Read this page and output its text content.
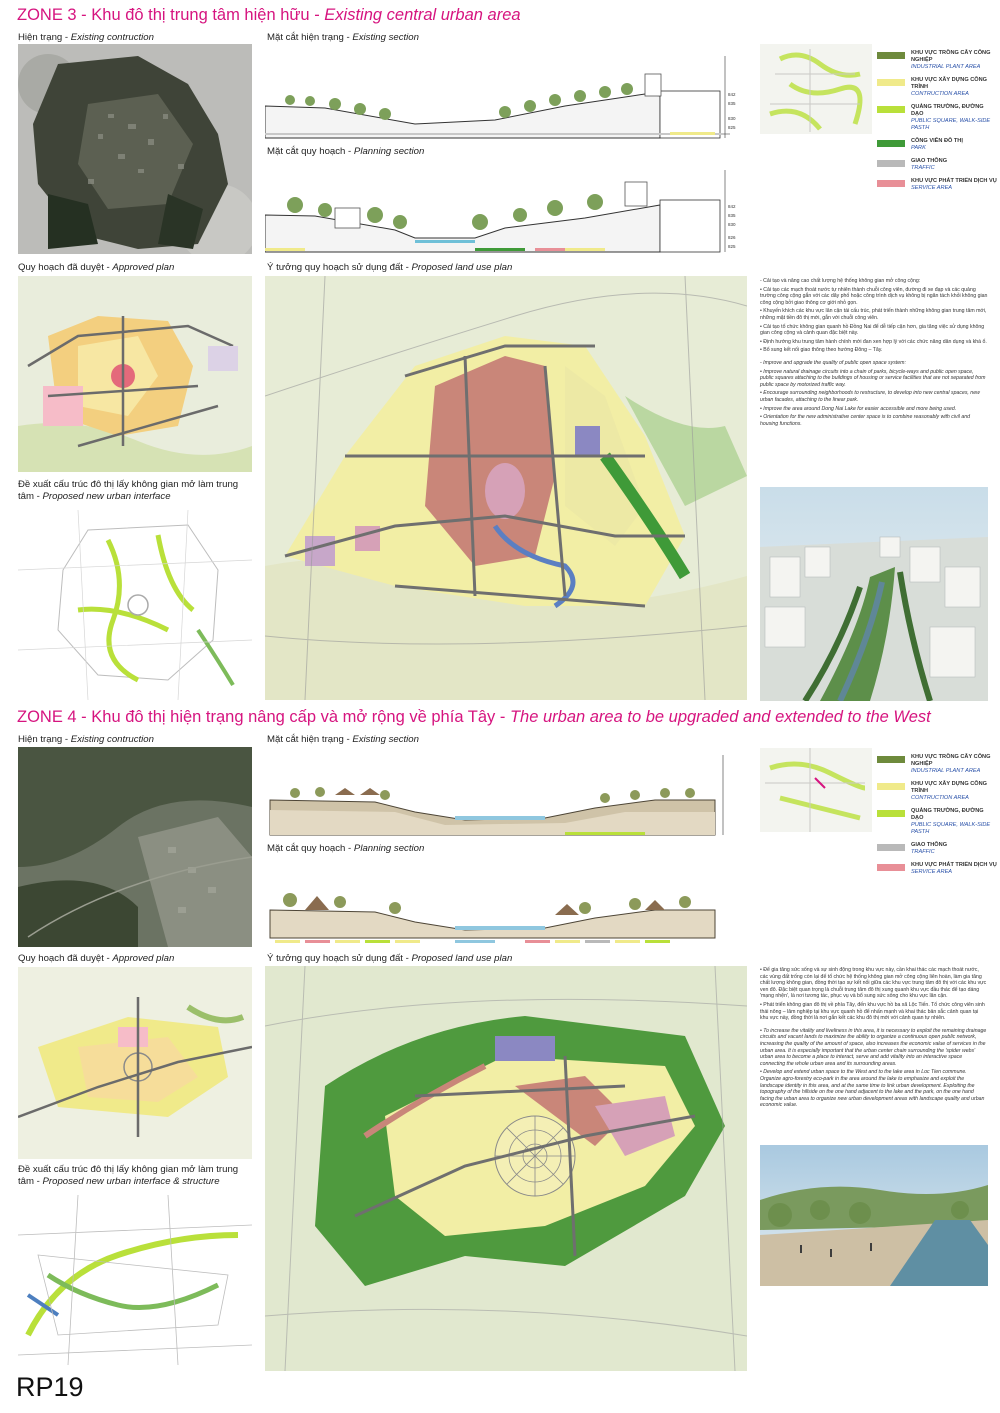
ZONE 3 - Khu đô thị trung tâm hiện hữu - Existing central urban area
Hiện trạng - Existing contruction	Mặt cắt hiện trạng - Existing section
Mặt cắt quy hoạch - Planning section
Quy hoạch đã duyệt - Approved plan	Ý tưởng quy hoạch sử dụng đất - Proposed land use plan
Đề xuất cấu trúc đô thị lấy không gian mở làm trung tâm - Proposed new urban interface
842
835
830
825
842
835
830
826
825
KHU VỰC TRỒNG CÂY CÔNG NGHIỆP
INDUSTRIAL PLANT AREA
KHU VỰC XÂY DỰNG CÔNG TRÌNH
CONTRUCTION AREA
QUẢNG TRƯỜNG, ĐƯỜNG DẠO
PUBLIC SQUARE, WALK-SIDE PASTH
CÔNG VIÊN ĐÔ THỊ
PARK
GIAO THÔNG
TRAFFIC
KHU VỰC PHÁT TRIỂN DỊCH VỤ
SERVICE AREA

- Cải tạo và nâng cao chất lượng hệ thống không gian mở công cộng:

• Cải tạo các mạch thoát nước tự nhiên thành chuỗi công viên, đường đi xe đạp và các quảng trường công cộng gắn với các dãy phố hoặc công trình dịch vụ không bị ngăn tách khỏi không gian công cộng bởi giao thông cơ giới nhỏ gọn.

• Khuyến khích các khu vực lân cận tái cấu trúc, phát triển thành những không gian trung tâm mới, những mặt tiền đô thị mới, gắn với chuỗi công viên.

• Cải tạo tổ chức không gian quanh hồ Đồng Nai để dễ tiếp cận hơn, gia tăng việc sử dụng không gian công cộng và cảnh quan đặc biệt này.

• Định hướng khu trung tâm hành chính mới đan xen hợp lý với các chức năng dân dụng và khá ổ.

• Bổ sung kết nối giao thông theo hướng Đông – Tây.

- Improve and upgrade the quality of public open space system:

• Improve natural drainage circuits into a chain of parks, bicycle-ways and public open space, public squares attaching to the buildings of housing or service facilities that are not separated from public space by motorized traffic way.

• Encourage surrounding neighborhoods to restructure, to develop into new central spaces, new urban facades, attaching to the linear park.

• Improve the area around Dong Nai Lake for easier accessible and more being used.

• Orientation for the new administrative center space is to combine reasonably with civil and housing functions.

ZONE 4 - Khu đô thị hiện trạng nâng cấp và mở rộng về phía Tây - The urban area to be upgraded and extended to the West
Hiện trạng - Existing contruction	Mặt cắt hiện trạng - Existing section
Mặt cắt quy hoạch - Planning section
Quy hoạch đã duyệt - Approved plan	Ý tưởng quy hoạch sử dụng đất - Proposed land use plan
Đề xuất cấu trúc đô thị lấy không gian mở làm trung tâm - Proposed new urban interface & structure
KHU VỰC TRỒNG CÂY CÔNG NGHIỆP
INDUSTRIAL PLANT AREA
KHU VỰC XÂY DỰNG CÔNG TRÌNH
CONTRUCTION AREA
QUẢNG TRƯỜNG, ĐƯỜNG DẠO
PUBLIC SQUARE, WALK-SIDE PASTH
GIAO THÔNG
TRAFFIC
KHU VỰC PHÁT TRIỂN DỊCH VỤ
SERVICE AREA

• Để gia tăng sức sống và sự sinh động trong khu vực này, cần khai thác các mạch thoát nước, các vùng đất trống còn lại để tổ chức hệ thống không gian mở công cộng liên hoàn, làm gia tăng chất lượng không gian, đồng thời tạo sự kết nối giữa các khu vực trung tâm đô thị với các khu vực ven đô. Đặc biệt quan trọng là chuỗi trung tâm đô thị xung quanh khu vực đầu thác để tạo dáng 'mạng nhện', là nơi tương tác, phục vụ và bổ sung sức sống cho khu vực lân cận.

• Phát triển không gian đô thị về phía Tây, đến khu vực hồ ba xã Lộc Tiến. Tổ chức công viên sinh thái nông – lâm nghiệp tại khu vực quanh hồ để nhấn mạnh và khai thác bản sắc cảnh quan tại khu vực này, đồng thời là nơi gắn kết các khu đô thị mới với cảnh quan tự nhiên.

• To increase the vitality and liveliness in this area, it is necessary to exploit the remaining drainage circuits and vacant lands to maximize the ability to organize a continuous open public network, increasing the quality of the amount of space, also increases the economic value of services in the urban area. It is especially important that the urban center chain surrounding the 'spider webs' urban area to become a place to interact, serve and add vitality into an interactive space connecting the whole urban area and its surrounding areas.

• Develop and extend urban space to the West and to the lake area in Loc Tien commune. Organize agro-forestry eco-park in the area around the lake to emphasize and exploit the landscape identity in this area, and at the same time to link urban development. Exploiting the topography of the hillside on the one hand adjacent to the lake and the park, on the one hand facing the urban area to organize new urban development areas with landscape quality and urban economic value.

RP19
